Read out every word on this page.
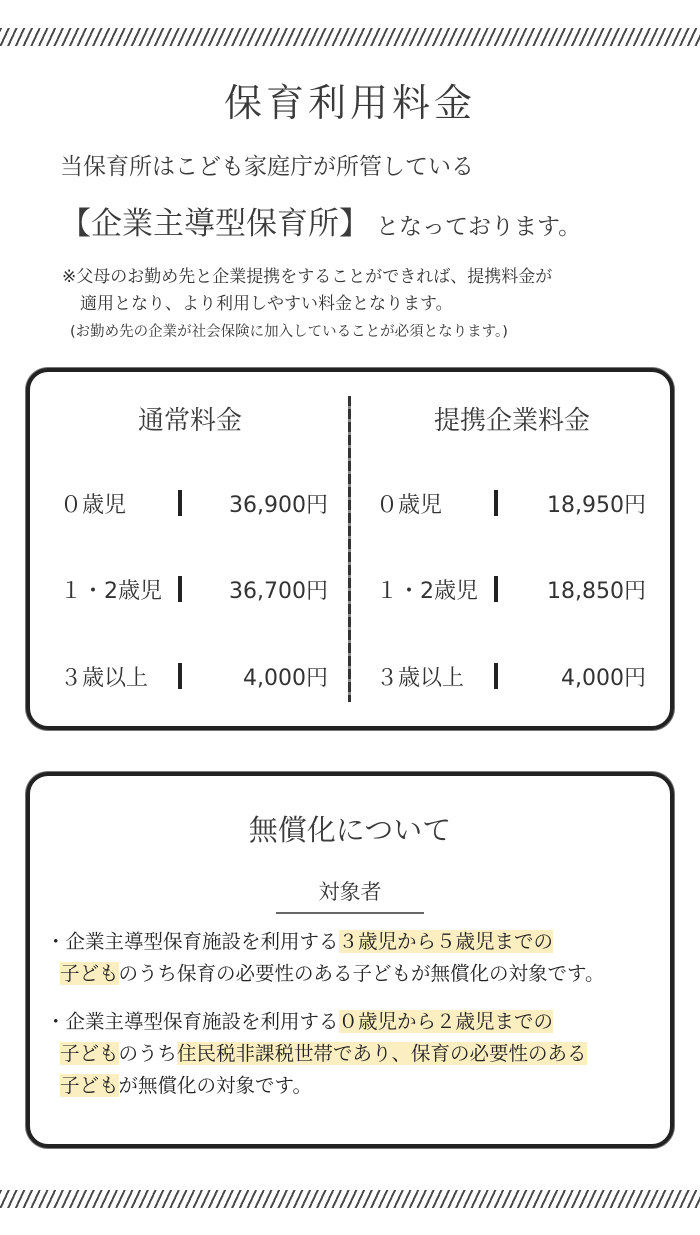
保育利用料金
当保育所はこども家庭庁が所管している
【企業主導型保育所】 となっております。
※父母のお勤め先と企業提携をすることができれば、提携料金が
適用となり、より利用しやすい料金となります。
(お勤め先の企業が社会保険に加入していることが必須となります。)
通常料金
０歳児	36,900円
１・2歳児	36,700円
３歳以上	4,000円
提携企業料金
０歳児	18,950円
１・2歳児	18,850円
３歳以上	4,000円
無償化について
対象者
・企業主導型保育施設を利用する３歳児から５歳児までの
子どものうち保育の必要性のある子どもが無償化の対象です。
・企業主導型保育施設を利用する０歳児から２歳児までの
子どものうち住民税非課税世帯であり、保育の必要性のある
子どもが無償化の対象です。
